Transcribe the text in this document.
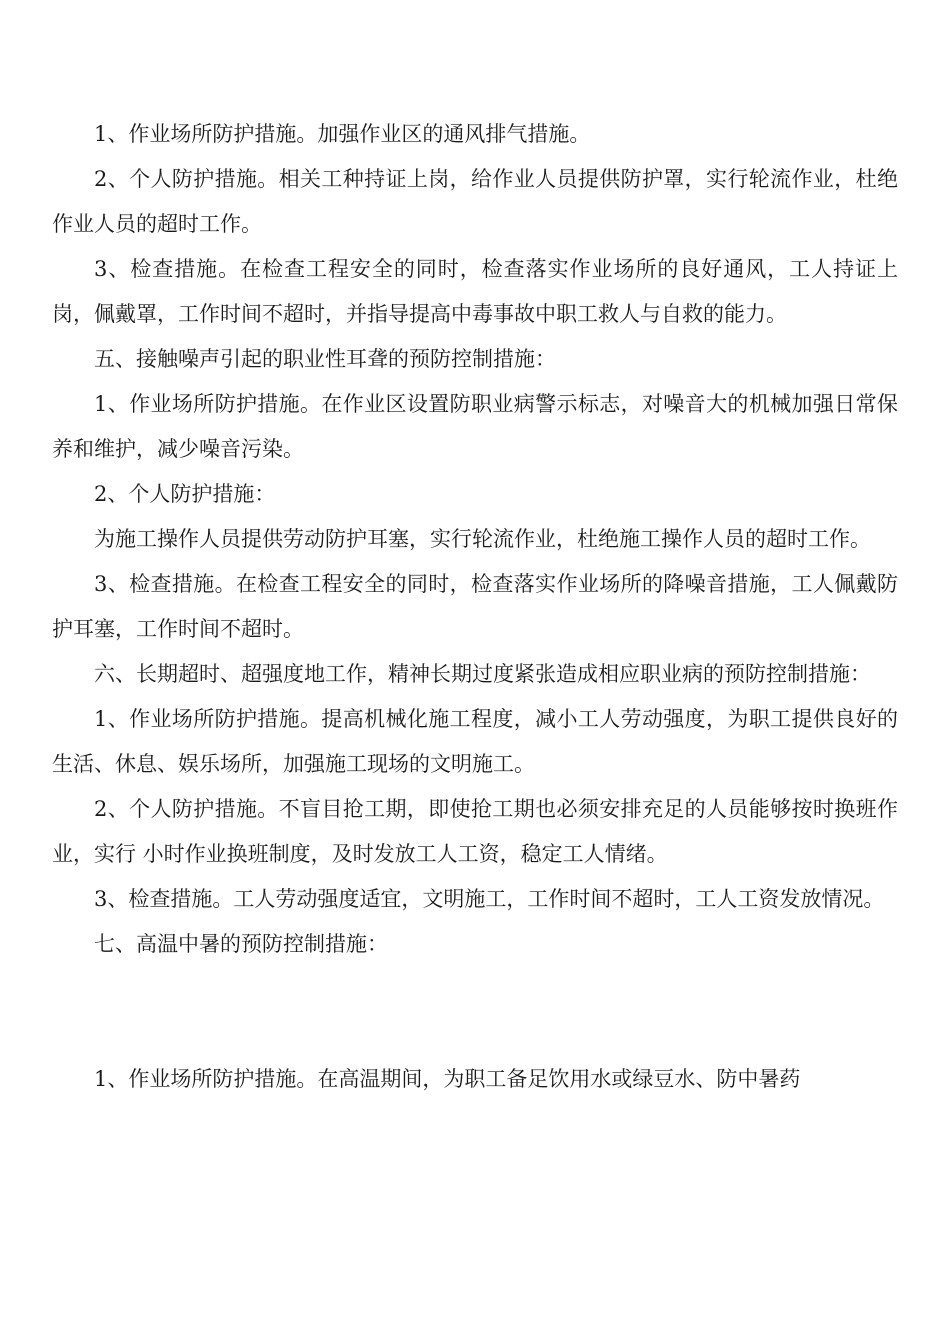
1、作业场所防护措施。加强作业区的通风排气措施。

2、个人防护措施。相关工种持证上岗，给作业人员提供防护罩，实行轮流作业，杜绝作业人员的超时工作。

3、检查措施。在检查工程安全的同时，检查落实作业场所的良好通风，工人持证上岗，佩戴罩，工作时间不超时，并指导提高中毒事故中职工救人与自救的能力。

五、接触噪声引起的职业性耳聋的预防控制措施：

1、作业场所防护措施。在作业区设置防职业病警示标志，对噪音大的机械加强日常保养和维护，减少噪音污染。

2、个人防护措施：

为施工操作人员提供劳动防护耳塞，实行轮流作业，杜绝施工操作人员的超时工作。

3、检查措施。在检查工程安全的同时，检查落实作业场所的降噪音措施，工人佩戴防护耳塞，工作时间不超时。

六、长期超时、超强度地工作，精神长期过度紧张造成相应职业病的预防控制措施：

1、作业场所防护措施。提高机械化施工程度，减小工人劳动强度，为职工提供良好的生活、休息、娱乐场所，加强施工现场的文明施工。

2、个人防护措施。不盲目抢工期，即使抢工期也必须安排充足的人员能够按时换班作业，实行 小时作业换班制度，及时发放工人工资，稳定工人情绪。

3、检查措施。工人劳动强度适宜，文明施工，工作时间不超时，工人工资发放情况。

七、高温中暑的预防控制措施：

1、作业场所防护措施。在高温期间，为职工备足饮用水或绿豆水、防中暑药
